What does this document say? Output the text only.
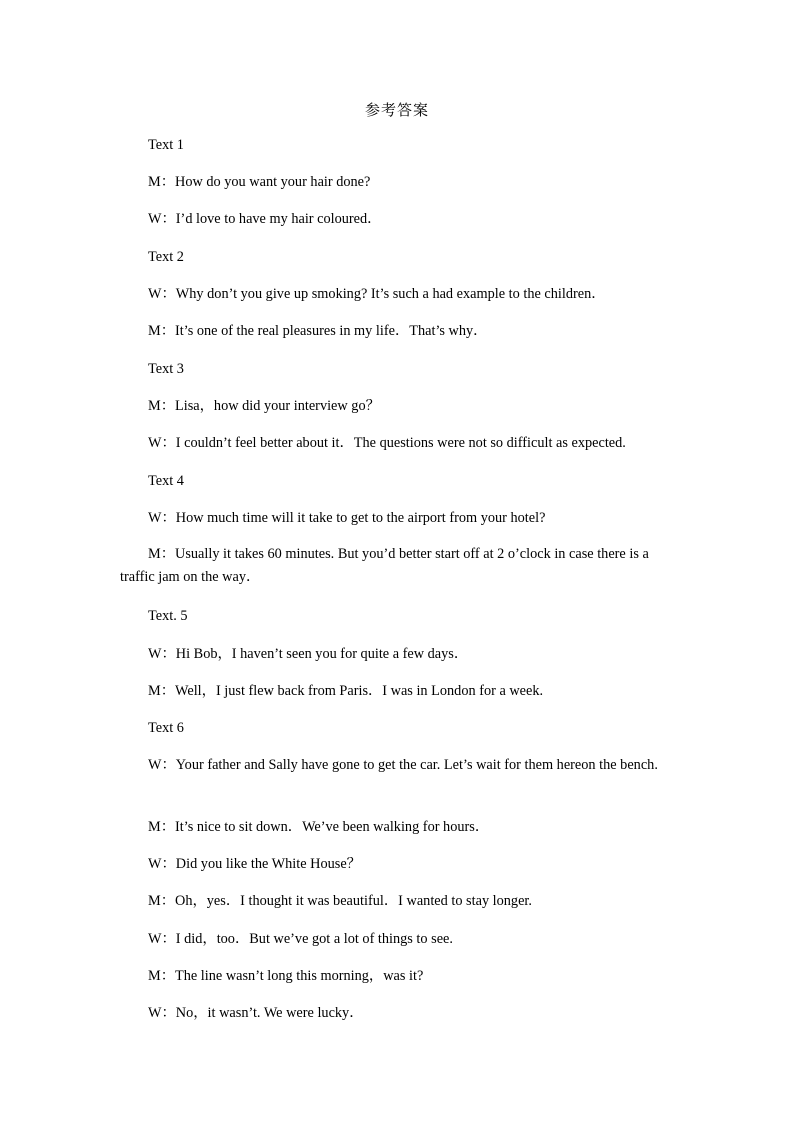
参考答案
Text 1
M：How do you want your hair done?
W：I’d love to have my hair coloured．
Text 2
W：Why don’t you give up smoking? It’s such a had example to the children．
M：It’s one of the real pleasures in my life．That’s why．
Text 3
M：Lisa，how did your interview go？
W：I couldn’t feel better about it．The questions were not so difficult as expected.
Text 4
W：How much time will it take to get to the airport from your hotel?
M：Usually it takes 60 minutes. But you’d better start off at 2 o’clock in case there is a traffic jam on the way．
Text. 5
W：Hi Bob，I haven’t seen you for quite a few days．
M：Well，I just flew back from Paris．I was in London for a week.
Text 6
W：Your father and Sally have gone to get the car. Let’s wait for them hereon the bench.
M：It’s nice to sit down．We’ve been walking for hours．
W：Did you like the White House？
M：Oh，yes．I thought it was beautiful．I wanted to stay longer.
W：I did，too．But we’ve got a lot of things to see.
M：The line wasn’t long this morning，was it?
W：No，it wasn’t. We were lucky．
